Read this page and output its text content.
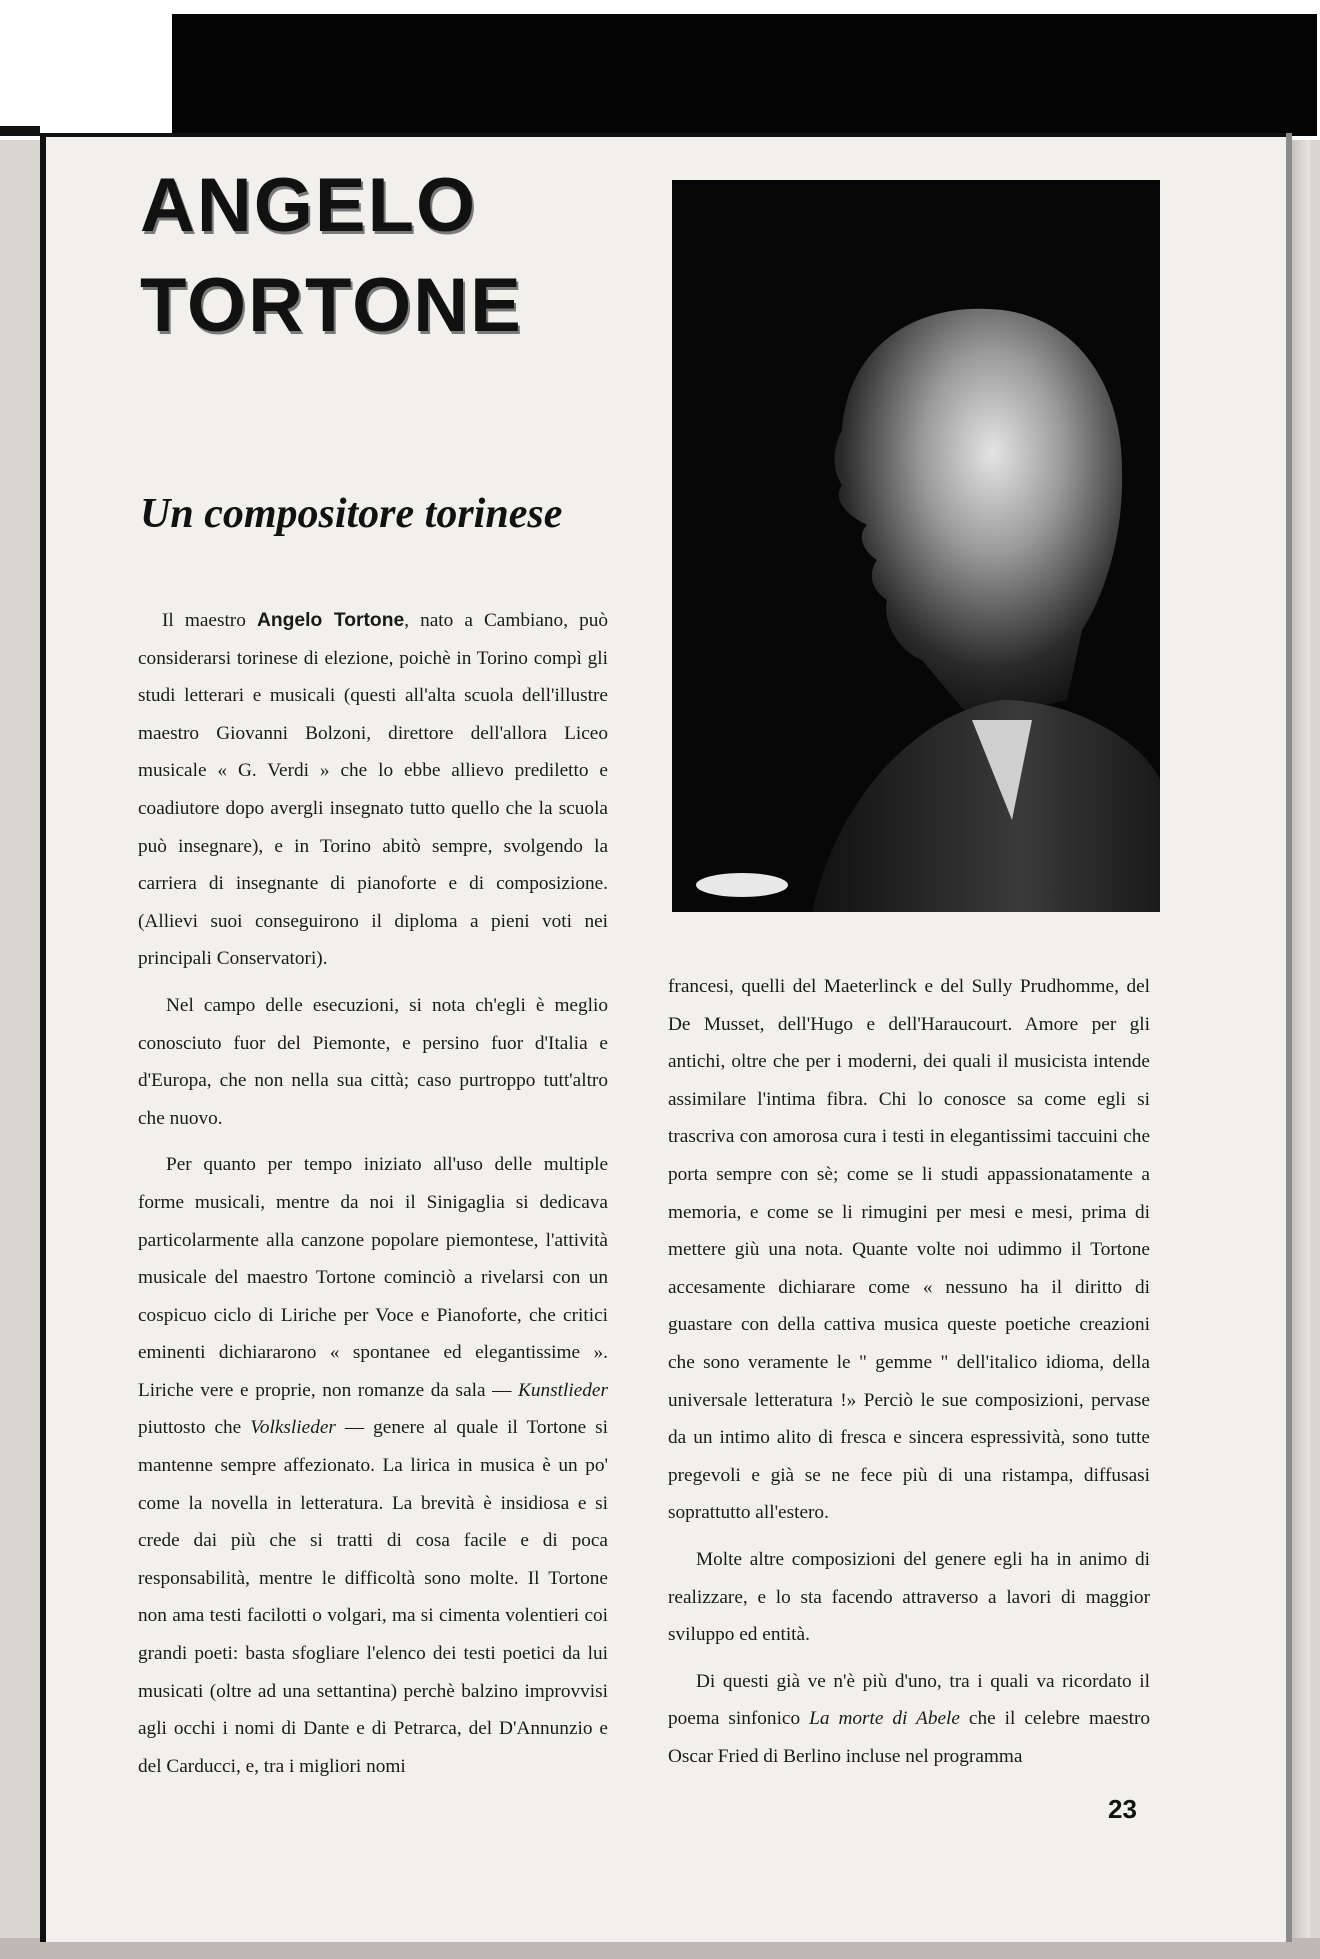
ANGELO
TORTONE
Un compositore torinese

Il maestro Angelo Tortone, nato a Cambiano, può considerarsi torinese di elezione, poichè in Torino compì gli studi letterari e musicali (questi all'alta scuola dell'illustre maestro Giovanni Bolzoni, direttore dell'allora Liceo musicale « G. Verdi » che lo ebbe allievo prediletto e coadiutore dopo avergli insegnato tutto quello che la scuola può insegnare), e in Torino abitò sempre, svolgendo la carriera di insegnante di pianoforte e di composizione. (Allievi suoi conseguirono il diploma a pieni voti nei principali Conservatori).

Nel campo delle esecuzioni, si nota ch'egli è meglio conosciuto fuor del Piemonte, e persino fuor d'Italia e d'Europa, che non nella sua città; caso purtroppo tutt'altro che nuovo.

Per quanto per tempo iniziato all'uso delle multiple forme musicali, mentre da noi il Sinigaglia si dedicava particolarmente alla canzone popolare piemontese, l'attività musicale del maestro Tortone cominciò a rivelarsi con un cospicuo ciclo di Liriche per Voce e Pianoforte, che critici eminenti dichiararono « spontanee ed elegantissime ». Liriche vere e proprie, non romanze da sala — Kunstlieder piuttosto che Volkslieder — genere al quale il Tortone si mantenne sempre affezionato. La lirica in musica è un po' come la novella in letteratura. La brevità è insidiosa e si crede dai più che si tratti di cosa facile e di poca responsabilità, mentre le difficoltà sono molte. Il Tortone non ama testi facilotti o volgari, ma si cimenta volentieri coi grandi poeti: basta sfogliare l'elenco dei testi poetici da lui musicati (oltre ad una settantina) perchè balzino improvvisi agli occhi i nomi di Dante e di Petrarca, del D'Annunzio e del Carducci, e, tra i migliori nomi

francesi, quelli del Maeterlinck e del Sully Prudhomme, del De Musset, dell'Hugo e dell'Haraucourt. Amore per gli antichi, oltre che per i moderni, dei quali il musicista intende assimilare l'intima fibra. Chi lo conosce sa come egli si trascriva con amorosa cura i testi in elegantissimi taccuini che porta sempre con sè; come se li studi appassionatamente a memoria, e come se li rimugini per mesi e mesi, prima di mettere giù una nota. Quante volte noi udimmo il Tortone accesamente dichiarare come « nessuno ha il diritto di guastare con della cattiva musica queste poetiche creazioni che sono veramente le " gemme " dell'italico idioma, della universale letteratura !» Perciò le sue composizioni, pervase da un intimo alito di fresca e sincera espressività, sono tutte pregevoli e già se ne fece più di una ristampa, diffusasi soprattutto all'estero.

Molte altre composizioni del genere egli ha in animo di realizzare, e lo sta facendo attraverso a lavori di maggior sviluppo ed entità.

Di questi già ve n'è più d'uno, tra i quali va ricordato il poema sinfonico La morte di Abele che il celebre maestro Oscar Fried di Berlino incluse nel programma

23
